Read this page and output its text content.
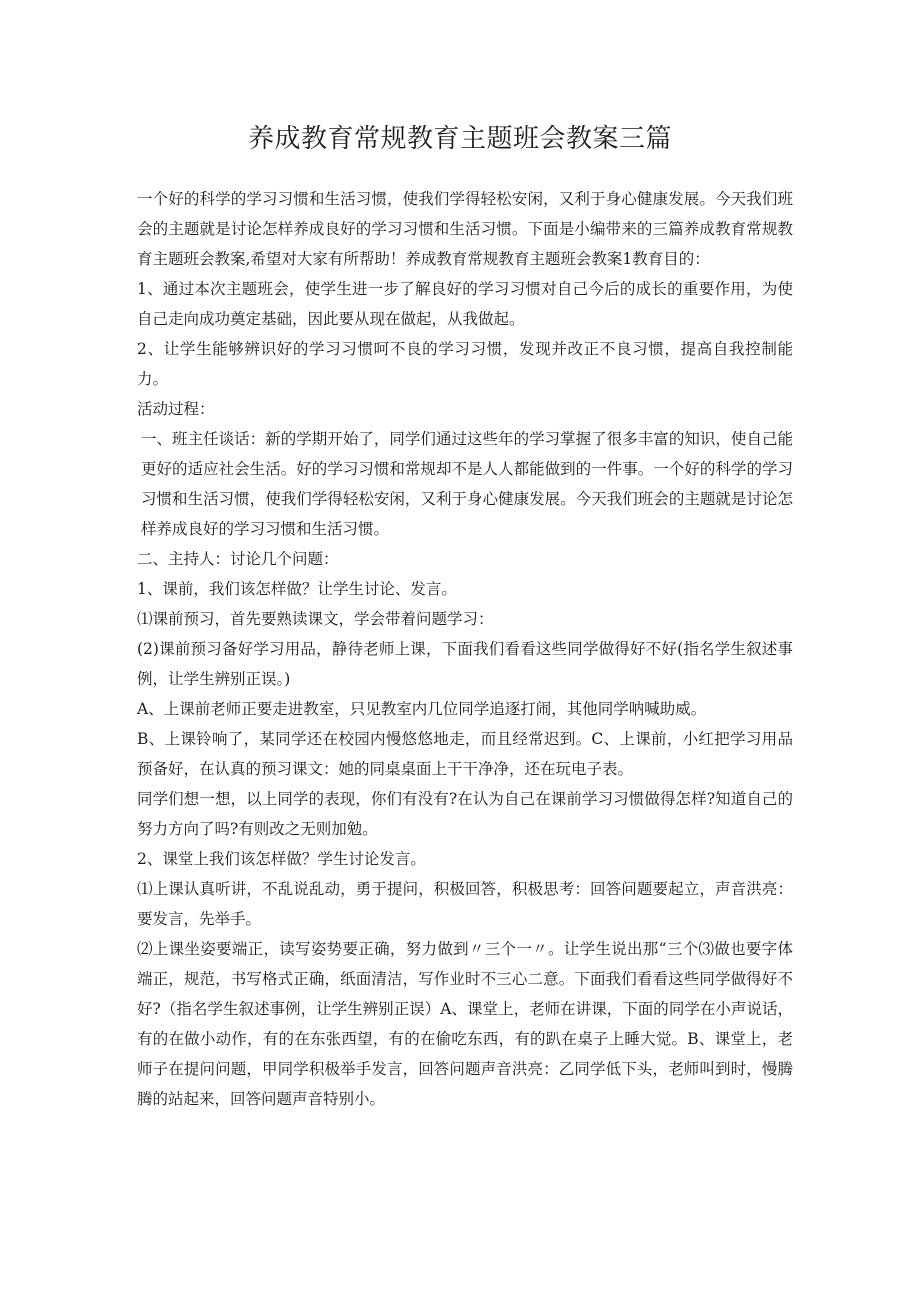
养成教育常规教育主题班会教案三篇

一个好的科学的学习习惯和生活习惯，使我们学得轻松安闲，又利于身心健康发展。今天我们班会的主题就是讨论怎样养成良好的学习习惯和生活习惯。下面是小编带来的三篇养成教育常规教育主题班会教案,希望对大家有所帮助！养成教育常规教育主题班会教案1教育目的：

1、通过本次主题班会，使学生进一步了解良好的学习习惯对自己今后的成长的重要作用，为使自己走向成功奠定基础，因此要从现在做起，从我做起。

2、让学生能够辨识好的学习习惯呵不良的学习习惯，发现并改正不良习惯，提高自我控制能力。

活动过程：

一、班主任谈话：新的学期开始了，同学们通过这些年的学习掌握了很多丰富的知识，使自己能更好的适应社会生活。好的学习习惯和常规却不是人人都能做到的一件事。一个好的科学的学习习惯和生活习惯，使我们学得轻松安闲，又利于身心健康发展。今天我们班会的主题就是讨论怎样养成良好的学习习惯和生活习惯。

二、主持人：讨论几个问题：

1、课前，我们该怎样做？让学生讨论、发言。

⑴课前预习，首先要熟读课文，学会带着问题学习：

(2)课前预习备好学习用品，静待老师上课，下面我们看看这些同学做得好不好(指名学生叙述事例，让学生辨别正误。)

A、上课前老师正要走进教室，只见教室内几位同学追逐打闹，其他同学呐喊助威。

B、上课铃响了，某同学还在校园内慢悠悠地走，而且经常迟到。C、上课前，小红把学习用品预备好，在认真的预习课文：她的同桌桌面上干干净净，还在玩电子表。

同学们想一想，以上同学的表现，你们有没有?在认为自己在课前学习习惯做得怎样?知道自己的努力方向了吗?有则改之无则加勉。

2、课堂上我们该怎样做？学生讨论发言。

⑴上课认真听讲，不乱说乱动，勇于提问，积极回答，积极思考：回答问题要起立，声音洪亮：要发言，先举手。

⑵上课坐姿要端正，读写姿势要正确，努力做到〃三个一〃。让学生说出那“三个⑶做也要字体端正，规范，书写格式正确，纸面清洁，写作业时不三心二意。下面我们看看这些同学做得好不好?（指名学生叙述事例，让学生辨别正误）A、课堂上，老师在讲课，下面的同学在小声说话，有的在做小动作，有的在东张西望，有的在偷吃东西，有的趴在桌子上睡大觉。B、课堂上，老师子在提问问题，甲同学积极举手发言，回答问题声音洪亮：乙同学低下头，老师叫到时，慢腾腾的站起来，回答问题声音特别小。
